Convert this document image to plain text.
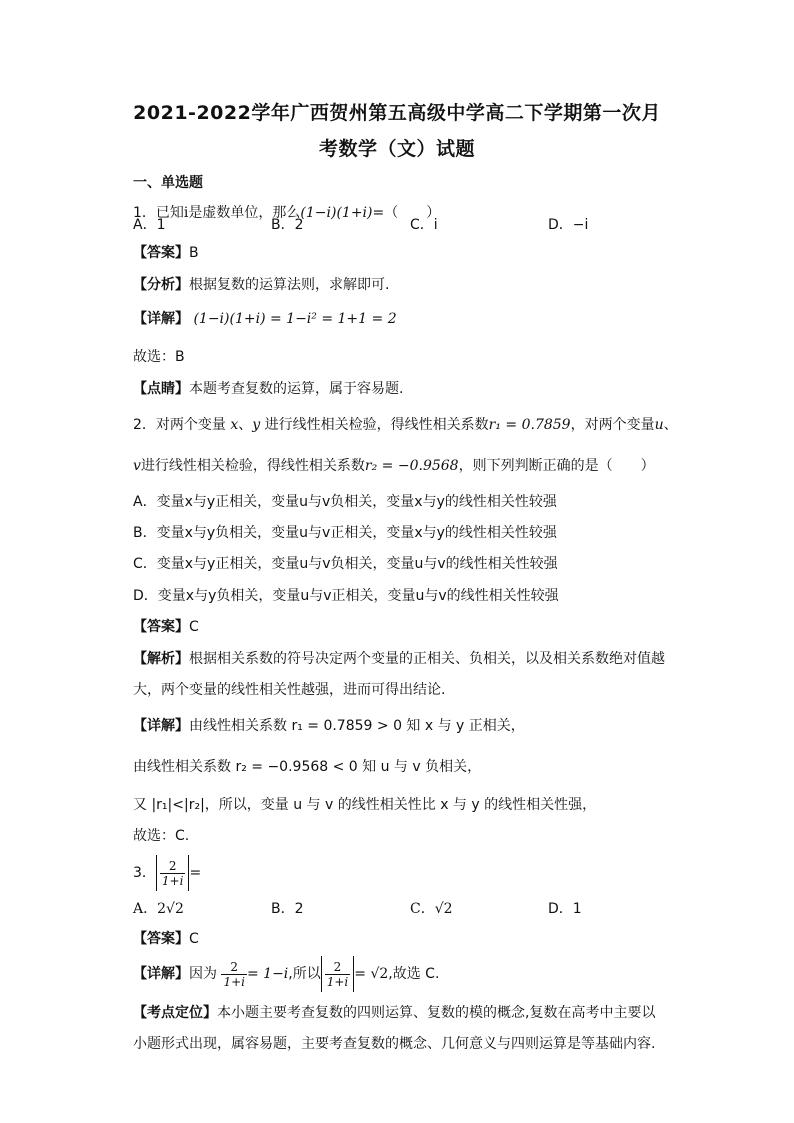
2021-2022学年广西贺州第五高级中学高二下学期第一次月
考数学（文）试题
一、单选题
1．已知i是虚数单位，那么(1−i)(1+i)=（　　）
A．1	B．2	C．i	D．−i
【答案】B
【分析】根据复数的运算法则，求解即可.
【详解】 (1−i)(1+i) = 1−i² = 1+1 = 2
故选：B
【点睛】本题考查复数的运算，属于容易题.
2．对两个变量 x、y 进行线性相关检验，得线性相关系数r₁ = 0.7859，对两个变量u、
v进行线性相关检验，得线性相关系数r₂ = −0.9568，则下列判断正确的是（　　）
A．变量x与y正相关，变量u与v负相关，变量x与y的线性相关性较强
B．变量x与y负相关，变量u与v正相关，变量x与y的线性相关性较强
C．变量x与y正相关，变量u与v负相关，变量u与v的线性相关性较强
D．变量x与y负相关，变量u与v正相关，变量u与v的线性相关性较强
【答案】C
【解析】根据相关系数的符号决定两个变量的正相关、负相关，以及相关系数绝对值越
大，两个变量的线性相关性越强，进而可得出结论.
【详解】由线性相关系数 r₁ = 0.7859 > 0 知 x 与 y 正相关，
由线性相关系数 r₂ = −0.9568 < 0 知 u 与 v 负相关，
又 |r₁|<|r₂|，所以，变量 u 与 v 的线性相关性比 x 与 y 的线性相关性强，
故选：C.
3． $\frac{2}{1+i}$ =
A．2√2	B．2	C．√2	D．1
【答案】C
【详解】因为 $\frac{2}{1+i} = 1-i$,所以 $\frac{2}{1+i} = √2$,故选 C.
【考点定位】本小题主要考查复数的四则运算、复数的模的概念,复数在高考中主要以
小题形式出现，属容易题，主要考查复数的概念、几何意义与四则运算是等基础内容.
